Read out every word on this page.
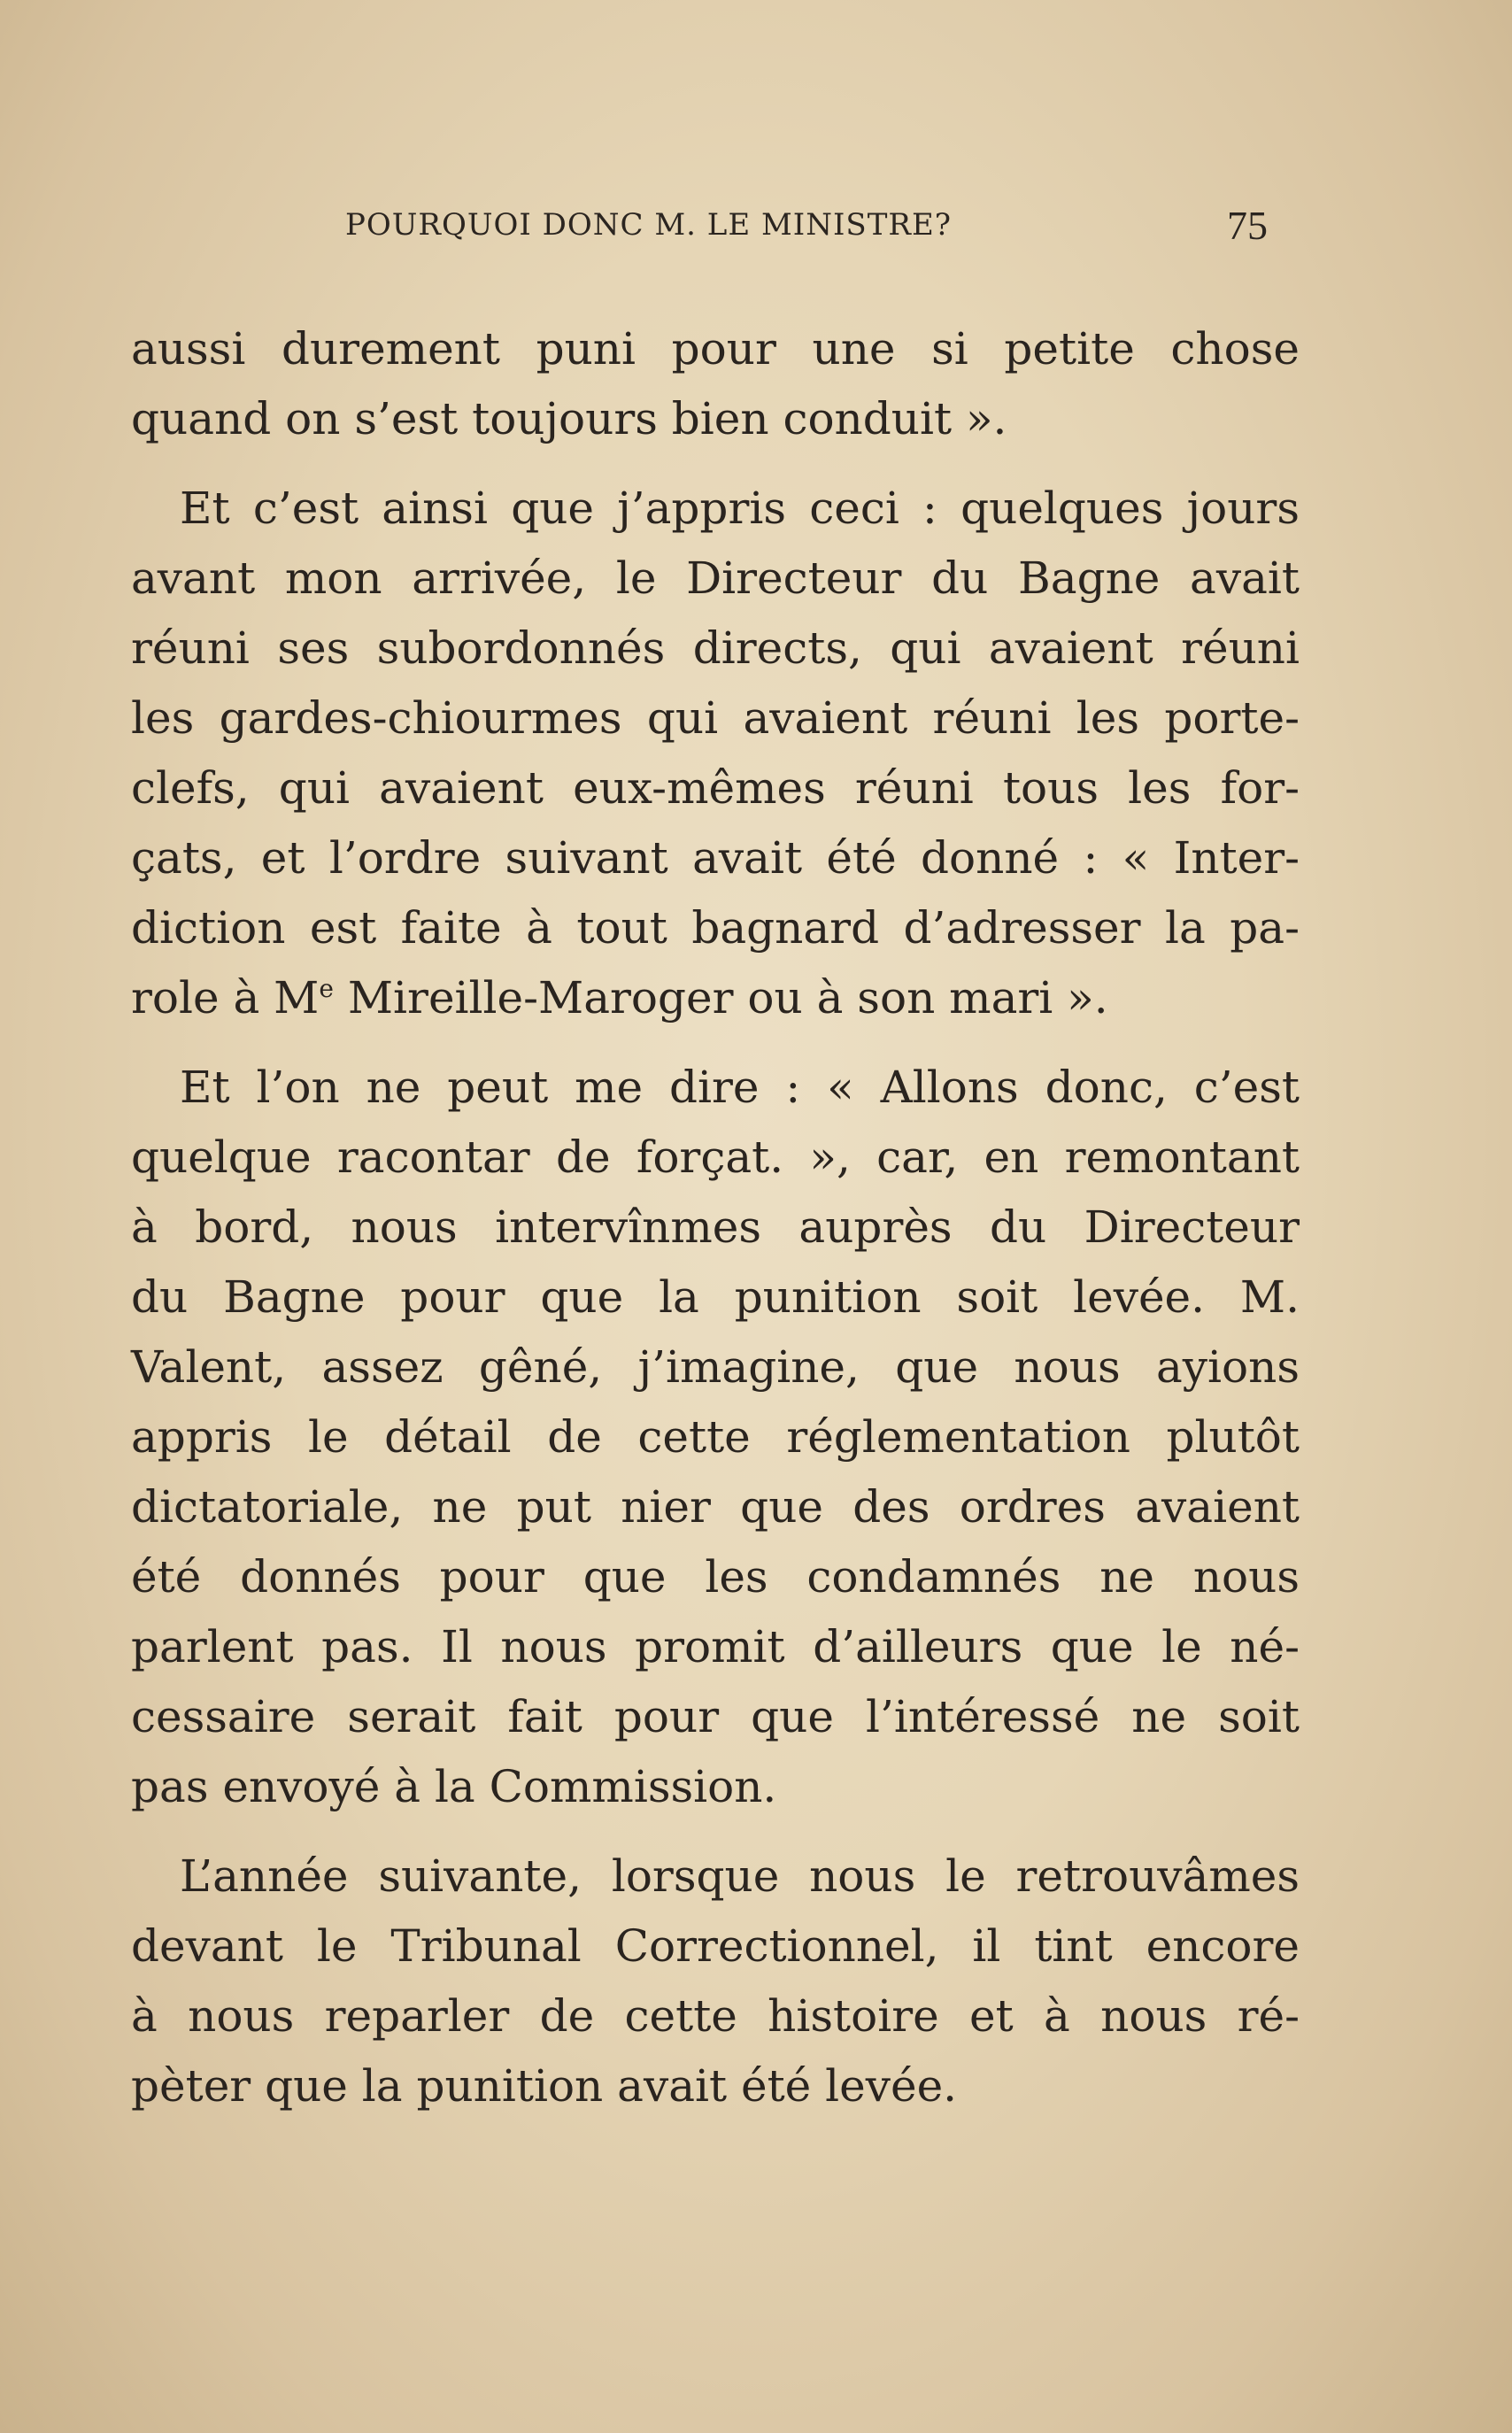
POURQUOI DONC M. LE MINISTRE?	75

aussi durement puni pour une si petite chose
quand on s’est toujours bien conduit ».

Et c’est ainsi que j’appris ceci : quelques jours
avant mon arrivée, le Directeur du Bagne avait
réuni ses subordonnés directs, qui avaient réuni
les gardes-chiourmes qui avaient réuni les porte-
clefs, qui avaient eux-mêmes réuni tous les for-
çats, et l’ordre suivant avait été donné : « Inter-
diction est faite à tout bagnard d’adresser la pa-
role à Me Mireille-Maroger ou à son mari ».

Et l’on ne peut me dire : « Allons donc, c’est
quelque racontar de forçat. », car, en remontant
à bord, nous intervînmes auprès du Directeur
du Bagne pour que la punition soit levée. M.
Valent, assez gêné, j’imagine, que nous ayions
appris le détail de cette réglementation plutôt
dictatoriale, ne put nier que des ordres avaient
été donnés pour que les condamnés ne nous
parlent pas. Il nous promit d’ailleurs que le né-
cessaire serait fait pour que l’intéressé ne soit
pas envoyé à la Commission.

L’année suivante, lorsque nous le retrouvâmes
devant le Tribunal Correctionnel, il tint encore
à nous reparler de cette histoire et à nous ré-
pèter que la punition avait été levée.
